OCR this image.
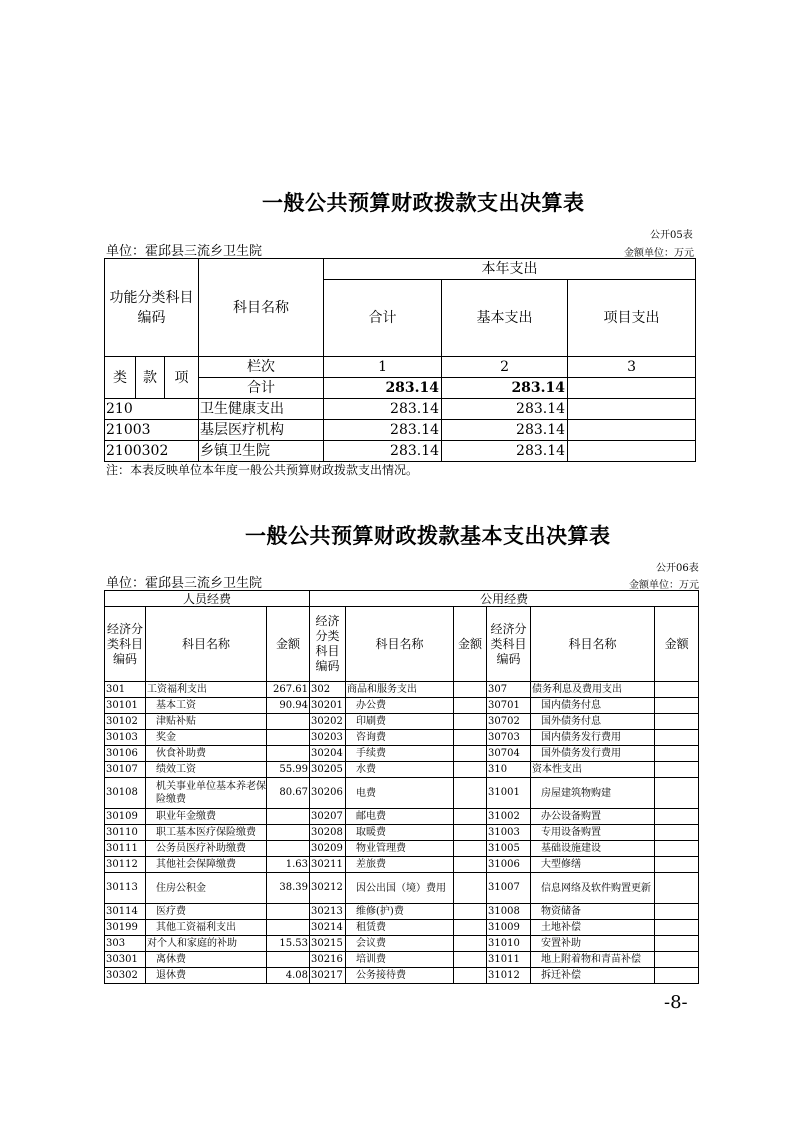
一般公共预算财政拨款支出决算表
公开05表
单位：霍邱县三流乡卫生院	金额单位：万元
功能分类科目编码			科目名称	本年支出		
				合计	基本支出	项目支出
类	款	项	栏次	1	2	3
			合计	283.14	283.14	
210			卫生健康支出	283.14	283.14	
21003			基层医疗机构	283.14	283.14	
2100302			乡镇卫生院	283.14	283.14	
注：本表反映单位本年度一般公共预算财政拨款支出情况。
一般公共预算财政拨款基本支出决算表
公开06表
单位：霍邱县三流乡卫生院	金额单位：万元
人员经费			公用经费					
经济分类科目编码	科目名称	金额	经济分类科目编码	科目名称	金额	经济分类科目编码	科目名称	金额
301	工资福利支出	267.61	302	商品和服务支出		307	债务利息及费用支出	
30101	基本工资	90.94	30201	办公费		30701	国内债务付息	
30102	津贴补贴		30202	印刷费		30702	国外债务付息	
30103	奖金		30203	咨询费		30703	国内债务发行费用	
30106	伙食补助费		30204	手续费		30704	国外债务发行费用	
30107	绩效工资	55.99	30205	水费		310	资本性支出	
30108	机关事业单位基本养老保险缴费	80.67	30206	电费		31001	房屋建筑物购建	
30109	职业年金缴费		30207	邮电费		31002	办公设备购置	
30110	职工基本医疗保险缴费		30208	取暖费		31003	专用设备购置	
30111	公务员医疗补助缴费		30209	物业管理费		31005	基础设施建设	
30112	其他社会保障缴费	1.63	30211	差旅费		31006	大型修缮	
30113	住房公积金	38.39	30212	因公出国（境）费用		31007	信息网络及软件购置更新	
30114	医疗费		30213	维修(护)费		31008	物资储备	
30199	其他工资福利支出		30214	租赁费		31009	土地补偿	
303	对个人和家庭的补助	15.53	30215	会议费		31010	安置补助	
30301	离休费		30216	培训费		31011	地上附着物和青苗补偿	
30302	退休费	4.08	30217	公务接待费		31012	拆迁补偿	
-8-
